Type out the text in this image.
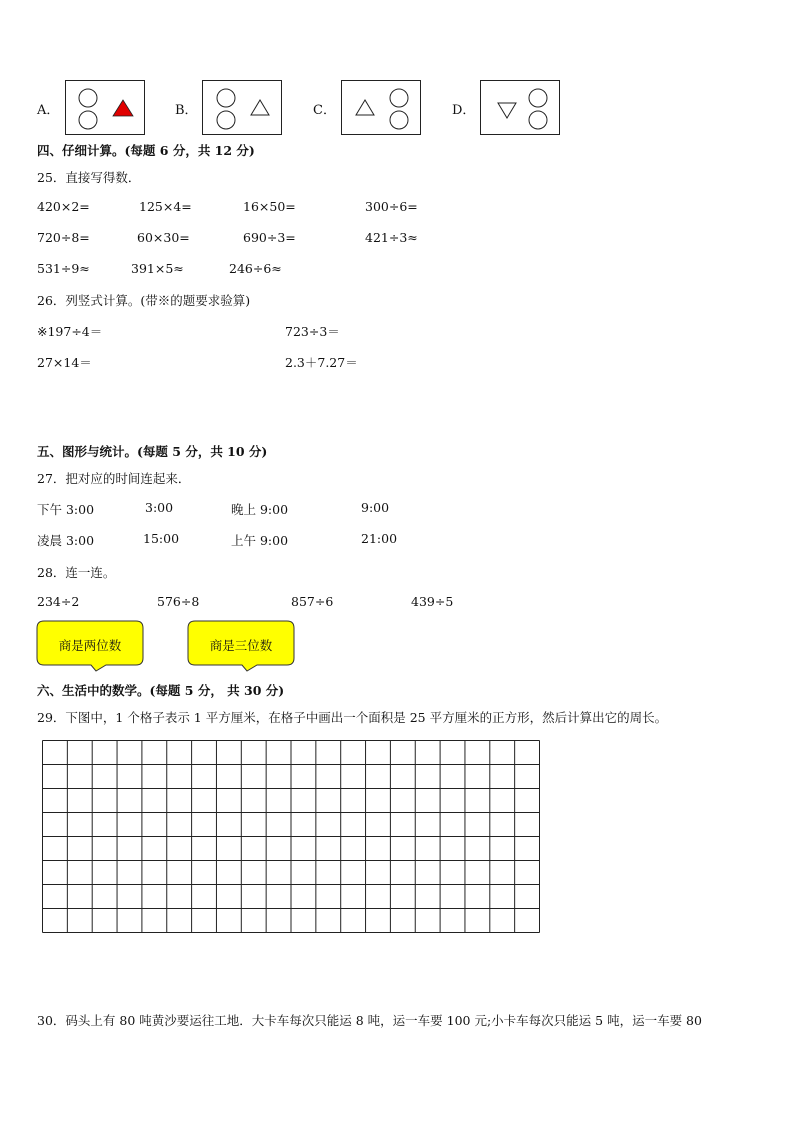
A．	B．	C．	D．
四、仔细计算。(每题 6 分，共 12 分)
25．直接写得数．
420×2=	125×4=	16×50=	300÷6=
720÷8=	60×30=	690÷3=	421÷3≈
531÷9≈	391×5≈	246÷6≈
26．列竖式计算。(带※的题要求验算)
※197÷4＝	723÷3＝
27×14＝	2.3＋7.27＝
五、图形与统计。(每题 5 分，共 10 分)
27．把对应的时间连起来．
下午 3:00	3:00	晚上 9:00	9:00
凌晨 3:00	15:00	上午 9:00	21:00
28．连一连。
234÷2	576÷8	857÷6	439÷5
商是两位数	商是三位数
六、生活中的数学。(每题 5 分， 共 30 分)
29．下图中，1 个格子表示 1 平方厘米，在格子中画出一个面积是 25 平方厘米的正方形，然后计算出它的周长。
30．码头上有 80 吨黄沙要运往工地．大卡车每次只能运 8 吨，运一车要 100 元;小卡车每次只能运 5 吨，运一车要 80
